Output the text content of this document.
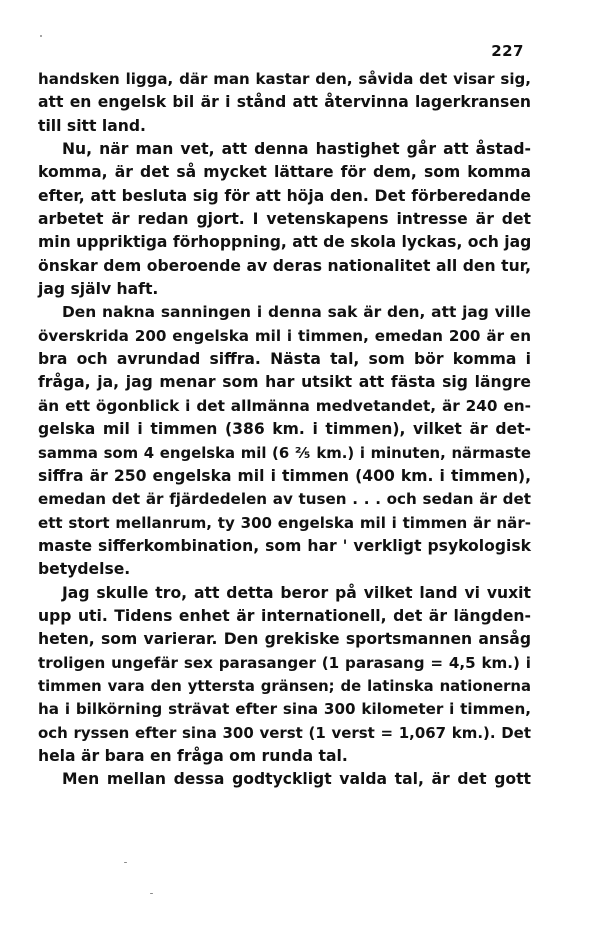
227
handsken ligga, där man kastar den, såvida det visar sig,
att en engelsk bil är i stånd att återvinna lagerkransen
till sitt land.
Nu, när man vet, att denna hastighet går att åstad-
komma, är det så mycket lättare för dem, som komma
efter, att besluta sig för att höja den. Det förberedande
arbetet är redan gjort. I vetenskapens intresse är det
min uppriktiga förhoppning, att de skola lyckas, och jag
önskar dem oberoende av deras nationalitet all den tur,
jag själv haft.
Den nakna sanningen i denna sak är den, att jag ville
överskrida 200 engelska mil i timmen, emedan 200 är en
bra och avrundad siffra. Nästa tal, som bör komma i
fråga, ja, jag menar som har utsikt att fästa sig längre
än ett ögonblick i det allmänna medvetandet, är 240 en-
gelska mil i timmen (386 km. i timmen), vilket är det-
samma som 4 engelska mil (6 ⅖ km.) i minuten, närmaste
siffra är 250 engelska mil i timmen (400 km. i timmen),
emedan det är fjärdedelen av tusen . . . och sedan är det
ett stort mellanrum, ty 300 engelska mil i timmen är när-
maste sifferkombination, som har ' verkligt psykologisk
betydelse.
Jag skulle tro, att detta beror på vilket land vi vuxit
upp uti. Tidens enhet är internationell, det är längden-
heten, som varierar. Den grekiske sportsmannen ansåg
troligen ungefär sex parasanger (1 parasang = 4,5 km.) i
timmen vara den yttersta gränsen; de latinska nationerna
ha i bilkörning strävat efter sina 300 kilometer i timmen,
och ryssen efter sina 300 verst (1 verst = 1,067 km.). Det
hela är bara en fråga om runda tal.
Men mellan dessa godtyckligt valda tal, är det gott
